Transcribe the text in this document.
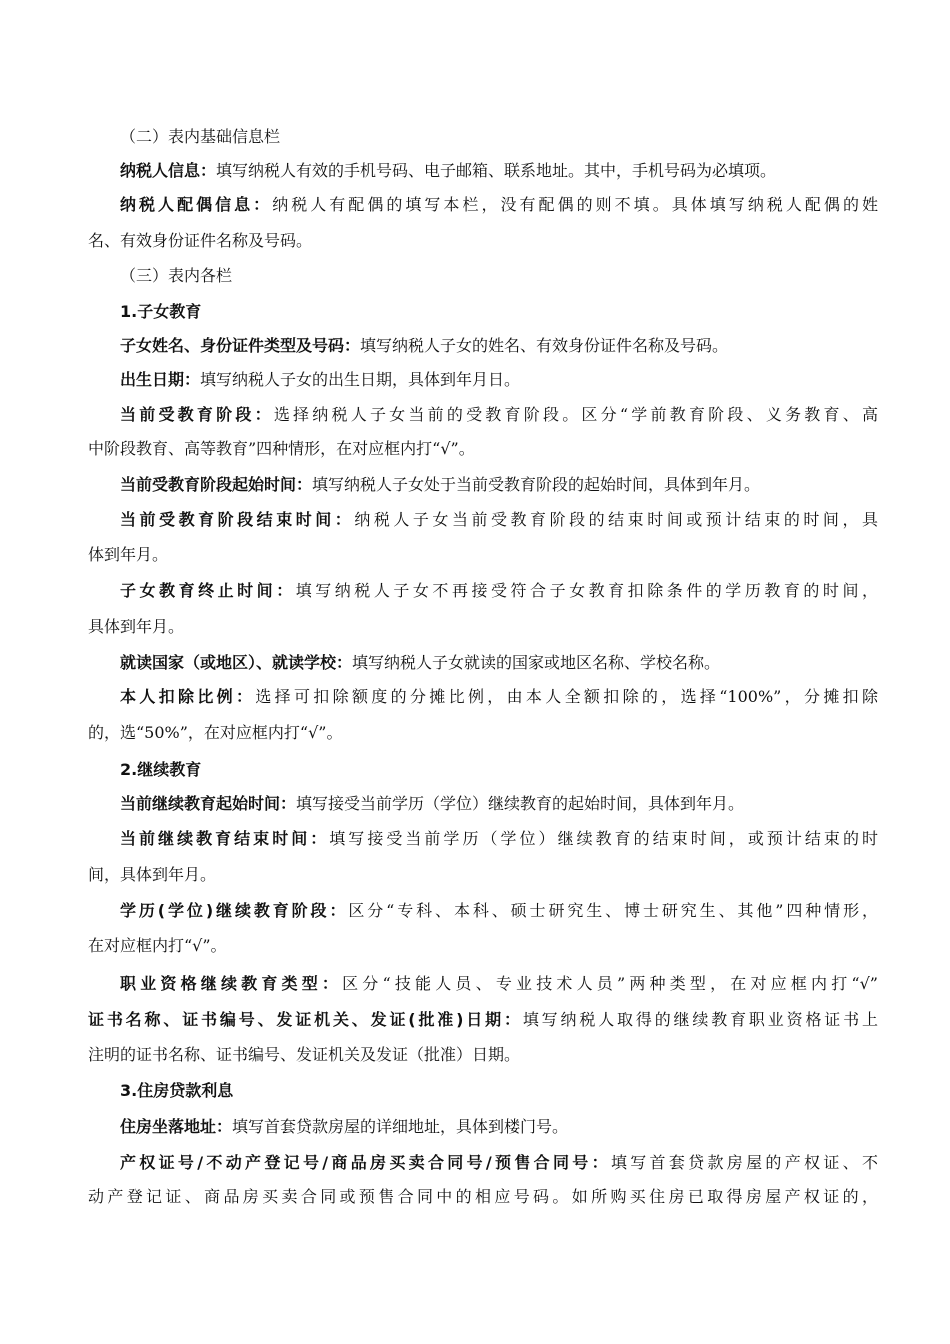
（二）表内基础信息栏
纳税人信息：填写纳税人有效的手机号码、电子邮箱、联系地址。其中，手机号码为必填项。
纳税人配偶信息：纳税人有配偶的填写本栏，没有配偶的则不填。具体填写纳税人配偶的姓
名、有效身份证件名称及号码。
（三）表内各栏
1.子女教育
子女姓名、身份证件类型及号码：填写纳税人子女的姓名、有效身份证件名称及号码。
出生日期：填写纳税人子女的出生日期，具体到年月日。
当前受教育阶段：选择纳税人子女当前的受教育阶段。区分“学前教育阶段、义务教育、高
中阶段教育、高等教育”四种情形，在对应框内打“√”。
当前受教育阶段起始时间：填写纳税人子女处于当前受教育阶段的起始时间，具体到年月。
当前受教育阶段结束时间：纳税人子女当前受教育阶段的结束时间或预计结束的时间，具
体到年月。
子女教育终止时间：填写纳税人子女不再接受符合子女教育扣除条件的学历教育的时间，
具体到年月。
就读国家（或地区）、就读学校：填写纳税人子女就读的国家或地区名称、学校名称。
本人扣除比例：选择可扣除额度的分摊比例，由本人全额扣除的，选择“100%”，分摊扣除
的，选“50%”，在对应框内打“√”。
2.继续教育
当前继续教育起始时间：填写接受当前学历（学位）继续教育的起始时间，具体到年月。
当前继续教育结束时间：填写接受当前学历（学位）继续教育的结束时间，或预计结束的时
间，具体到年月。
学历(学位)继续教育阶段：区分“专科、本科、硕士研究生、博士研究生、其他”四种情形，
在对应框内打“√”。
职业资格继续教育类型：区分“技能人员、专业技术人员”两种类型，在对应框内打“√”
证书名称、证书编号、发证机关、发证(批准)日期：填写纳税人取得的继续教育职业资格证书上
注明的证书名称、证书编号、发证机关及发证（批准）日期。
3.住房贷款利息
住房坐落地址：填写首套贷款房屋的详细地址，具体到楼门号。
产权证号/不动产登记号/商品房买卖合同号/预售合同号：填写首套贷款房屋的产权证、不
动产登记证、商品房买卖合同或预售合同中的相应号码。如所购买住房已取得房屋产权证的，
